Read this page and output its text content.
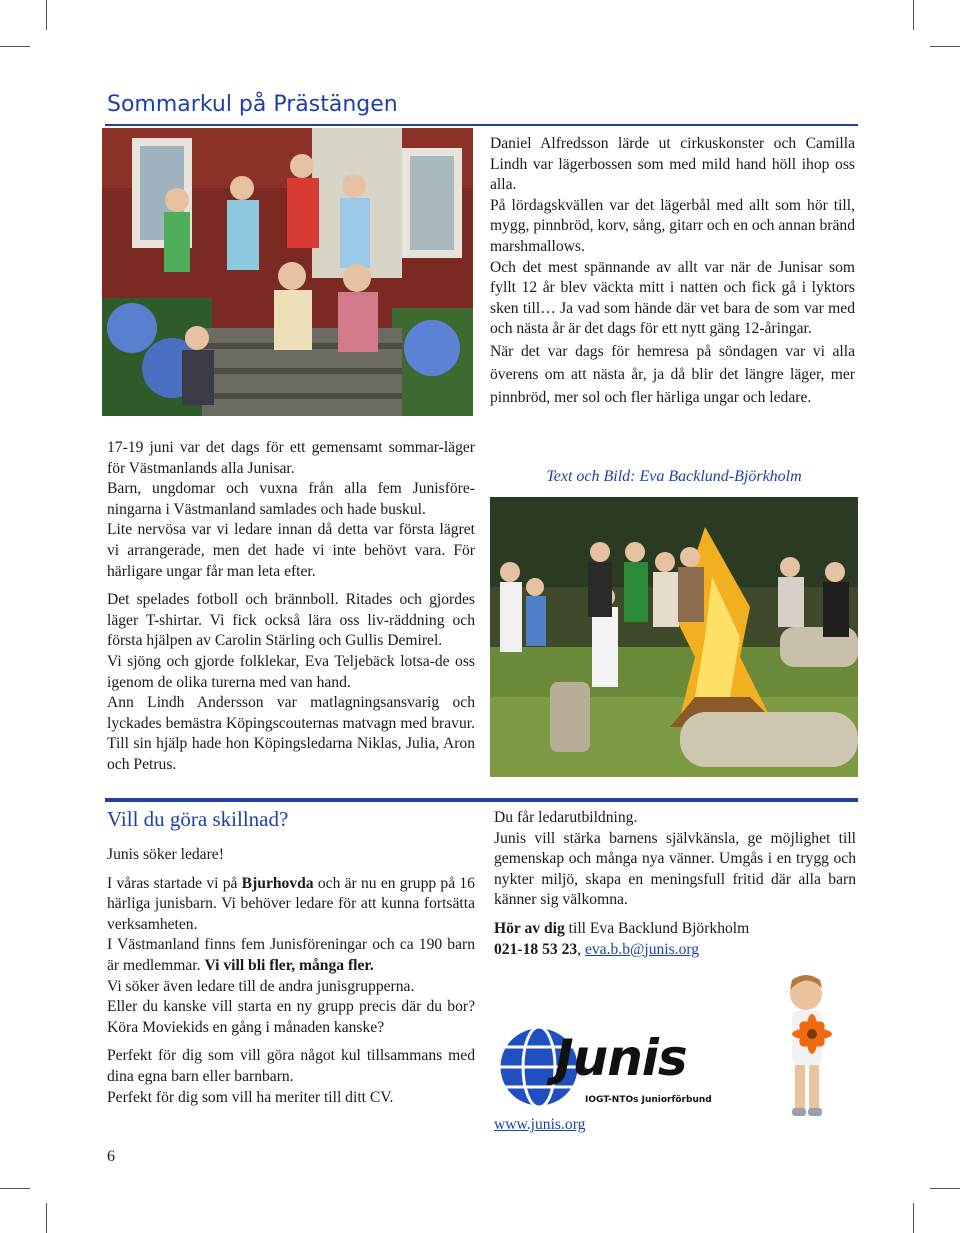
Sommarkul på Prästängen

17-19 juni var det dags för ett gemensamt sommar-läger för Västmanlands alla Junisar.

Barn, ungdomar och vuxna från alla fem Junisföre-ningarna i Västmanland samlades och hade buskul.

Lite nervösa var vi ledare innan då detta var första lägret vi arrangerade, men det hade vi inte behövt vara. För härligare ungar får man leta efter.

Det spelades fotboll och brännboll. Ritades och gjordes läger T-shirtar. Vi fick också lära oss liv-räddning och första hjälpen av Carolin Stärling och Gullis Demirel.

Vi sjöng och gjorde folklekar, Eva Teljebäck lotsa-de oss igenom de olika turerna med van hand.

Ann Lindh Andersson var matlagningsansvarig och lyckades bemästra Köpingscouternas matvagn med bravur. Till sin hjälp hade hon Köpingsledarna Niklas, Julia, Aron och Petrus.

Daniel Alfredsson lärde ut cirkuskonster och Camilla Lindh var lägerbossen som med mild hand höll ihop oss alla.

På lördagskvällen var det lägerbål med allt som hör till, mygg, pinnbröd, korv, sång, gitarr och en och annan bränd marshmallows.

Och det mest spännande av allt var när de Junisar som fyllt 12 år blev väckta mitt i natten och fick gå i lyktors sken till… Ja vad som hände där vet bara de som var med och nästa år är det dags för ett nytt gäng 12-åringar.

När det var dags för hemresa på söndagen var vi alla överens om att nästa år, ja då blir det längre läger, mer pinnbröd, mer sol och fler härliga ungar och ledare.

Text och Bild: Eva Backlund-Björkholm
Vill du göra skillnad?

Junis söker ledare!

I våras startade vi på Bjurhovda och är nu en grupp på 16 härliga junisbarn. Vi behöver ledare för att kunna fortsätta verksamheten.

I Västmanland finns fem Junisföreningar och ca 190 barn är medlemmar. Vi vill bli fler, många fler.

Vi söker även ledare till de andra junisgrupperna.

Eller du kanske vill starta en ny grupp precis där du bor? Köra Moviekids en gång i månaden kanske?

Perfekt för dig som vill göra något kul tillsammans med dina egna barn eller barnbarn.

Perfekt för dig som vill ha meriter till ditt CV.

Du får ledarutbildning.

Junis vill stärka barnens självkänsla, ge möjlighet till gemenskap och många nya vänner. Umgås i en trygg och nykter miljö, skapa en meningsfull fritid där alla barn känner sig välkomna.

Hör av dig till Eva Backlund Björkholm

021-18 53 23, eva.b.b@junis.org

Junis
IOGT-NTOs Juniorförbund
www.junis.org
6
